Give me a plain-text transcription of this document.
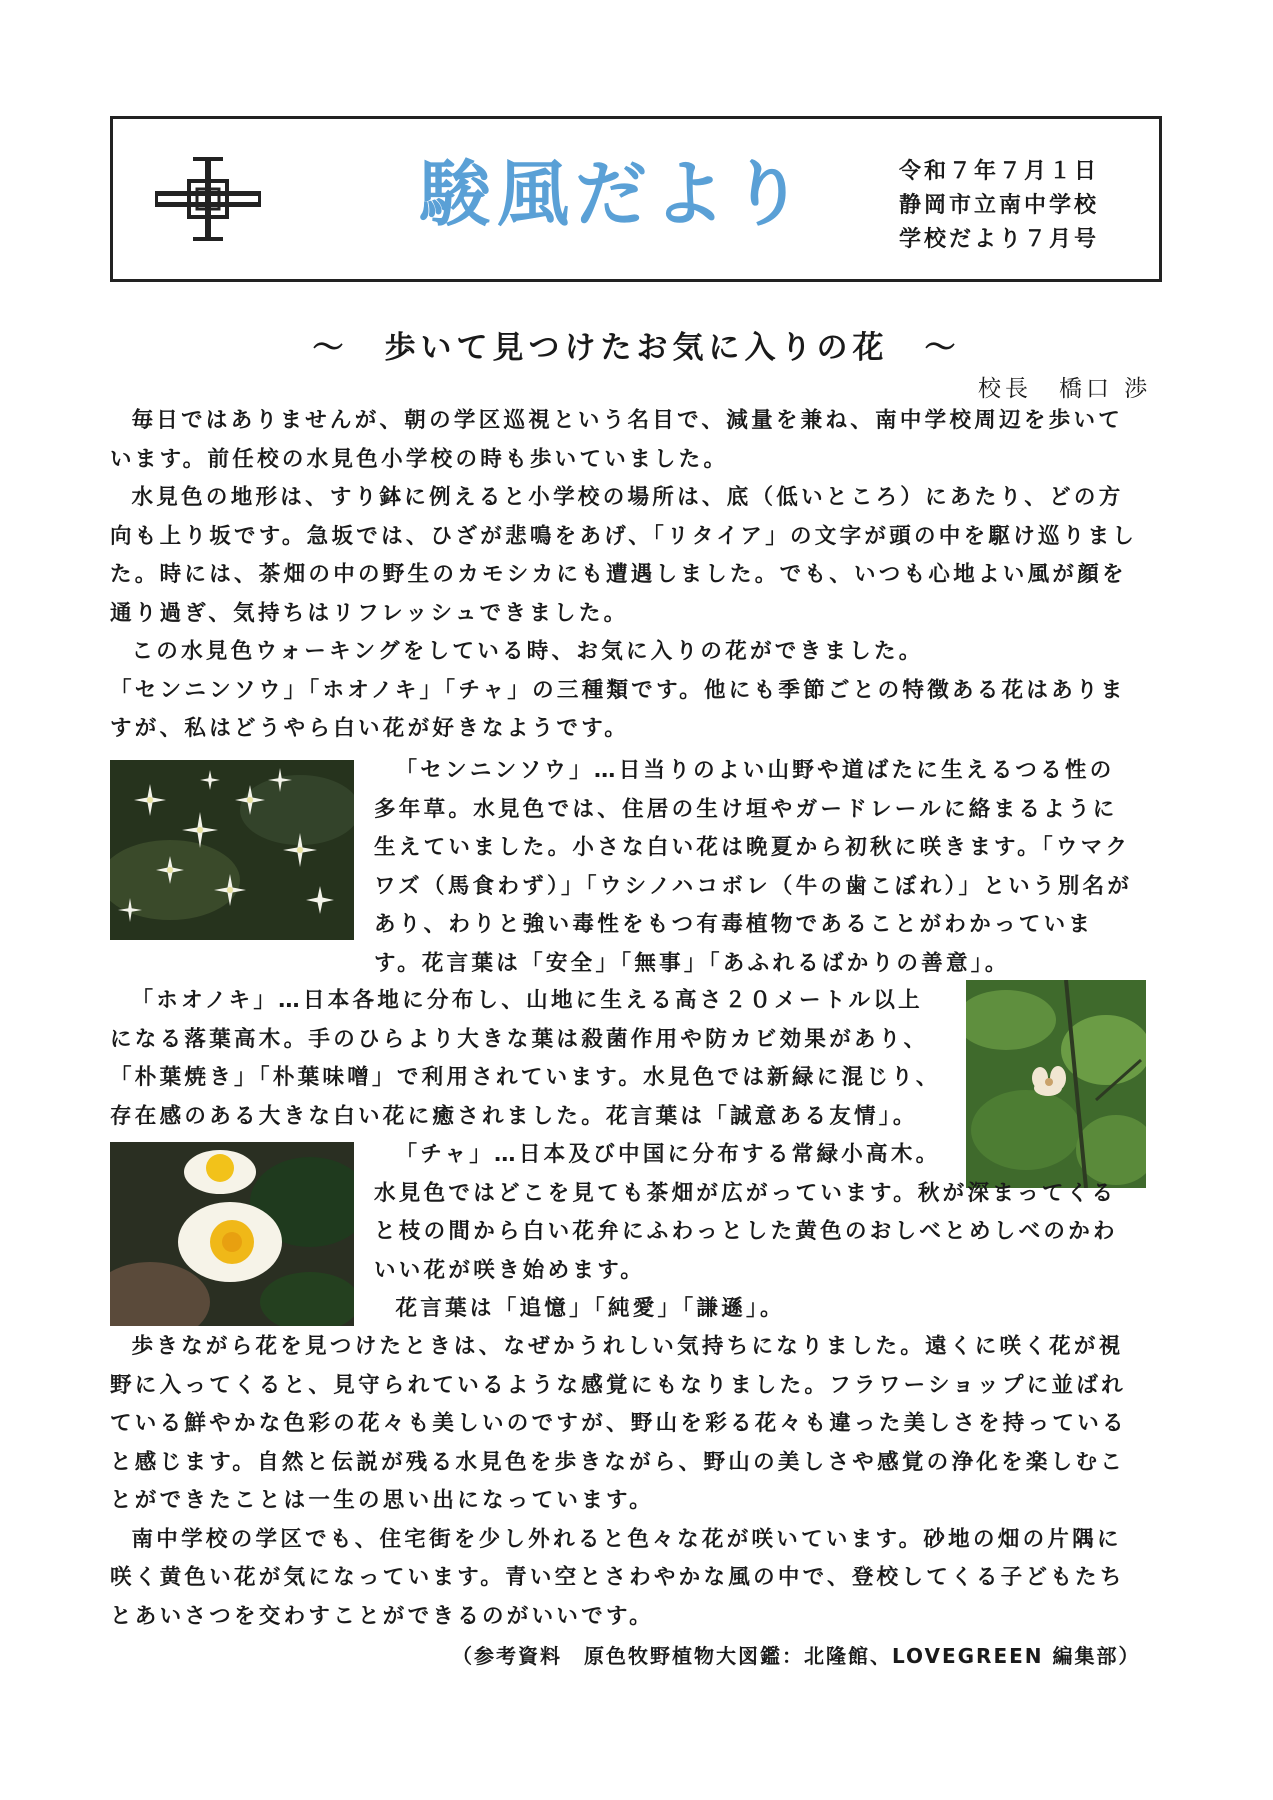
駿風だより	令和７年７月１日
静岡市立南中学校
学校だより７月号
～　歩いて見つけたお気に入りの花　～
校長　橋口 渉

毎日ではありませんが、朝の学区巡視という名目で、減量を兼ね、南中学校周辺を歩いています。前任校の水見色小学校の時も歩いていました。

水見色の地形は、すり鉢に例えると小学校の場所は、底（低いところ）にあたり、どの方向も上り坂です。急坂では、ひざが悲鳴をあげ、「リタイア」の文字が頭の中を駆け巡りました。時には、茶畑の中の野生のカモシカにも遭遇しました。でも、いつも心地よい風が顔を通り過ぎ、気持ちはリフレッシュできました。

この水見色ウォーキングをしている時、お気に入りの花ができました。

「センニンソウ」「ホオノキ」「チャ」の三種類です。他にも季節ごとの特徴ある花はありますが、私はどうやら白い花が好きなようです。

「センニンソウ」…日当りのよい山野や道ばたに生えるつる性の多年草。水見色では、住居の生け垣やガードレールに絡まるように生えていました。小さな白い花は晩夏から初秋に咲きます。「ウマクワズ（馬食わず）」「ウシノハコボレ（牛の歯こぼれ）」という別名があり、わりと強い毒性をもつ有毒植物であることがわかっています。花言葉は「安全」「無事」「あふれるばかりの善意」。
「ホオノキ」…日本各地に分布し、山地に生える高さ２０メートル以上になる落葉高木。手のひらより大きな葉は殺菌作用や防カビ効果があり、「朴葉焼き」「朴葉味噌」で利用されています。水見色では新緑に混じり、存在感のある大きな白い花に癒されました。花言葉は「誠意ある友情」。

「チャ」…日本及び中国に分布する常緑小高木。

水見色ではどこを見ても茶畑が広がっています。秋が深まってくると枝の間から白い花弁にふわっとした黄色のおしべとめしべのかわいい花が咲き始めます。

花言葉は「追憶」「純愛」「謙遜」。

歩きながら花を見つけたときは、なぜかうれしい気持ちになりました。遠くに咲く花が視野に入ってくると、見守られているような感覚にもなりました。フラワーショップに並ばれている鮮やかな色彩の花々も美しいのですが、野山を彩る花々も違った美しさを持っていると感じます。自然と伝説が残る水見色を歩きながら、野山の美しさや感覚の浄化を楽しむことができたことは一生の思い出になっています。

南中学校の学区でも、住宅街を少し外れると色々な花が咲いています。砂地の畑の片隅に咲く黄色い花が気になっています。青い空とさわやかな風の中で、登校してくる子どもたちとあいさつを交わすことができるのがいいです。

（参考資料　原色牧野植物大図鑑：北隆館、LOVEGREEN 編集部）
